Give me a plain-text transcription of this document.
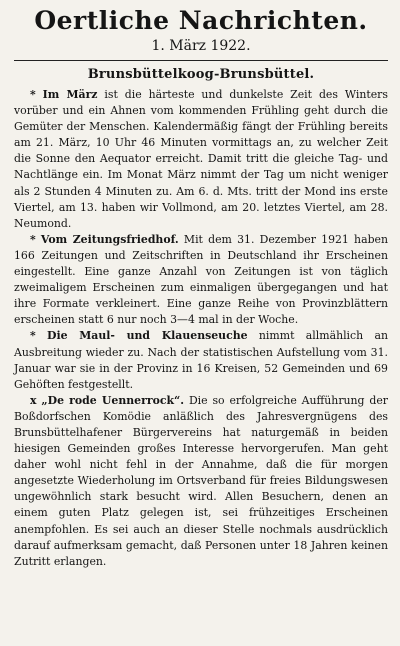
Oertliche Nachrichten.
1. März 1922.
Brunsbüttelkoog-Brunsbüttel.

* Im März ist die härteste und dunkelste Zeit des Winters vorüber und ein Ahnen vom kommenden Frühling geht durch die Gemüter der Menschen. Kalendermäßig fängt der Frühling bereits am 21. März, 10 Uhr 46 Minuten vormittags an, zu welcher Zeit die Sonne den Aequator erreicht. Damit tritt die gleiche Tag- und Nachtlänge ein. Im Monat März nimmt der Tag um nicht weniger als 2 Stunden 4 Minuten zu. Am 6. d. Mts. tritt der Mond ins erste Viertel, am 13. haben wir Vollmond, am 20. letztes Viertel, am 28. Neumond.

* Vom Zeitungsfriedhof. Mit dem 31. Dezember 1921 haben 166 Zeitungen und Zeitschriften in Deutschland ihr Erscheinen eingestellt. Eine ganze Anzahl von Zeitungen ist von täglich zweimaligem Erscheinen zum einmaligen übergegangen und hat ihre Formate verkleinert. Eine ganze Reihe von Provinzblättern erscheinen statt 6 nur noch 3—4 mal in der Woche.

* Die Maul- und Klauenseuche nimmt allmählich an Ausbreitung wieder zu. Nach der statistischen Aufstellung vom 31. Januar war sie in der Provinz in 16 Kreisen, 52 Gemeinden und 69 Gehöften festgestellt.

x „De rode Uennerrock“. Die so erfolgreiche Aufführung der Boßdorfschen Komödie anläßlich des Jahresvergnügens des Brunsbüttelhafener Bürgervereins hat naturgemäß in beiden hiesigen Gemeinden großes Interesse hervorgerufen. Man geht daher wohl nicht fehl in der Annahme, daß die für morgen angesetzte Wiederholung im Ortsverband für freies Bildungswesen ungewöhnlich stark besucht wird. Allen Besuchern, denen an einem guten Platz gelegen ist, sei frühzeitiges Erscheinen anempfohlen. Es sei auch an dieser Stelle nochmals ausdrücklich darauf aufmerksam gemacht, daß Personen unter 18 Jahren keinen Zutritt erlangen.
